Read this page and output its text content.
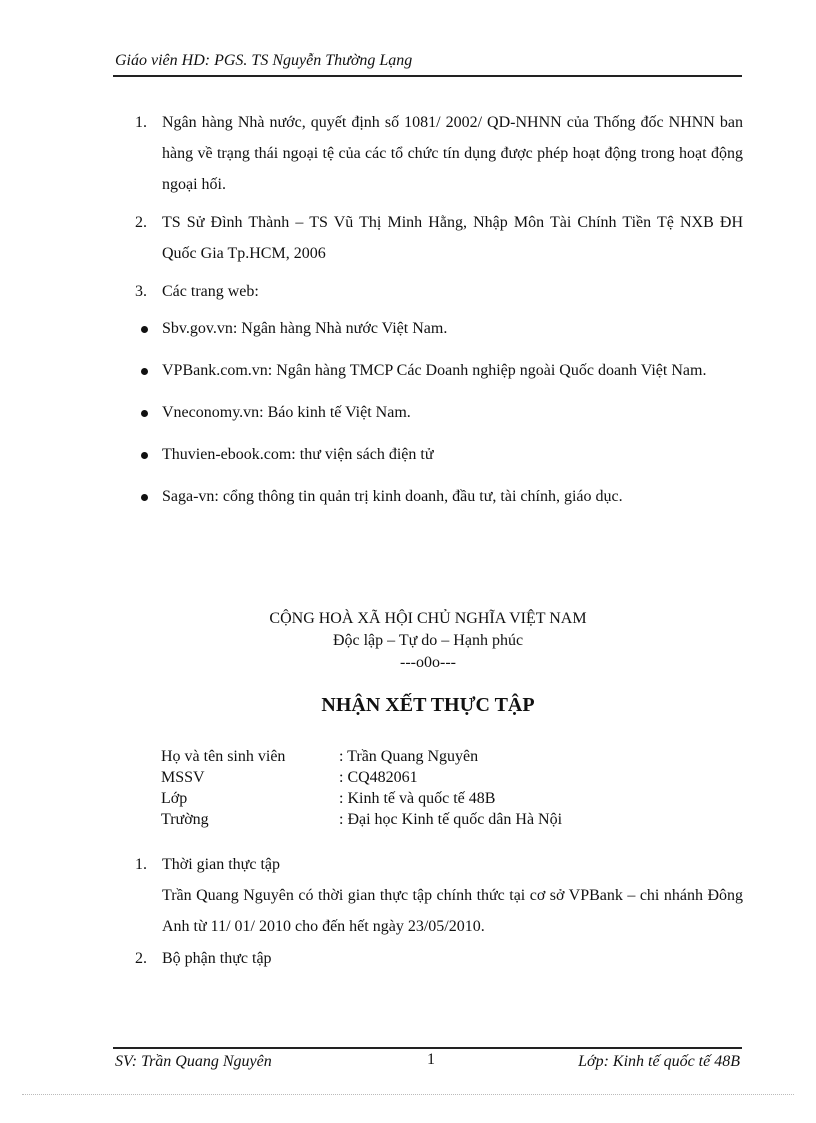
Giáo viên HD: PGS. TS Nguyễn Thường Lạng
1. Ngân hàng Nhà nước, quyết định số 1081/ 2002/ QD-NHNN của Thống đốc NHNN ban hàng về trạng thái ngoại tệ của các tổ chức tín dụng được phép hoạt động trong hoạt động ngoại hối.
2. TS Sử Đình Thành – TS Vũ Thị Minh Hằng, Nhập Môn Tài Chính Tiền Tệ NXB ĐH Quốc Gia Tp.HCM, 2006
3. Các trang web:
Sbv.gov.vn: Ngân hàng Nhà nước Việt Nam.
VPBank.com.vn: Ngân hàng TMCP Các Doanh nghiệp ngoài Quốc doanh Việt Nam.
Vneconomy.vn: Báo kinh tế Việt Nam.
Thuvien-ebook.com: thư viện sách điện tử
Saga-vn: cổng thông tin quản trị kinh doanh, đầu tư, tài chính, giáo dục.
CỘNG HOÀ XÃ HỘI CHỦ NGHĨA VIỆT NAM
Độc lập – Tự do – Hạnh phúc
---o0o---
NHẬN XẾT THỰC TẬP
Họ và tên sinh viên	: Trần Quang Nguyên
MSSV	: CQ482061
Lớp	: Kinh tế và quốc tế 48B
Trường	: Đại học Kinh tế quốc dân Hà Nội
1. Thời gian thực tập
Trần Quang Nguyên có thời gian thực tập chính thức tại cơ sở VPBank – chi nhánh Đông Anh từ 11/ 01/ 2010 cho đến hết ngày 23/05/2010.
2. Bộ phận thực tập
SV: Trần Quang Nguyên	1	Lớp: Kinh tế quốc tế 48B
